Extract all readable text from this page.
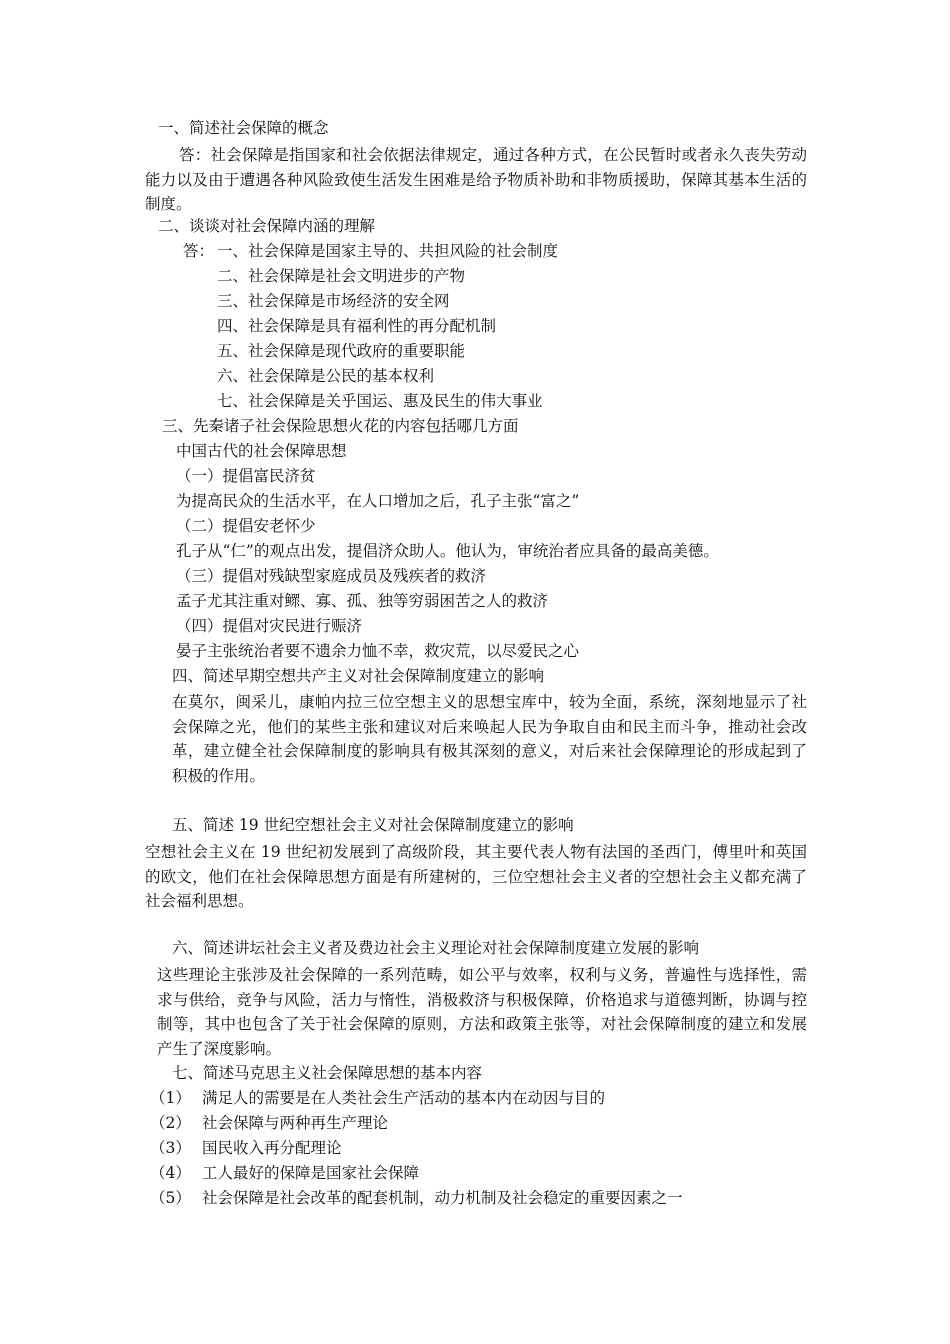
一、简述社会保障的概念
答：社会保障是指国家和社会依据法律规定，通过各种方式，在公民暂时或者永久丧失劳动能力以及由于遭遇各种风险致使生活发生困难是给予物质补助和非物质援助，保障其基本生活的制度。
二、谈谈对社会保障内涵的理解
答： 一、社会保障是国家主导的、共担风险的社会制度
二、社会保障是社会文明进步的产物
三、社会保障是市场经济的安全网
四、社会保障是具有福利性的再分配机制
五、社会保障是现代政府的重要职能
六、社会保障是公民的基本权利
七、社会保障是关乎国运、惠及民生的伟大事业
三、先秦诸子社会保险思想火花的内容包括哪几方面
中国古代的社会保障思想
（一）提倡富民济贫
为提高民众的生活水平，在人口增加之后，孔子主张“富之”
（二）提倡安老怀少
孔子从“仁”的观点出发，提倡济众助人。他认为，审统治者应具备的最高美德。
（三）提倡对残缺型家庭成员及残疾者的救济
孟子尤其注重对鳏、寡、孤、独等穷弱困苦之人的救济
（四）提倡对灾民进行赈济
晏子主张统治者要不遗余力恤不幸，救灾荒，以尽爱民之心
四、简述早期空想共产主义对社会保障制度建立的影响
在莫尔，闽采儿，康帕内拉三位空想主义的思想宝库中，较为全面，系统，深刻地显示了社会保障之光，他们的某些主张和建议对后来唤起人民为争取自由和民主而斗争，推动社会改革，建立健全社会保障制度的影响具有极其深刻的意义，对后来社会保障理论的形成起到了积极的作用。
五、简述 19 世纪空想社会主义对社会保障制度建立的影响
空想社会主义在 19 世纪初发展到了高级阶段，其主要代表人物有法国的圣西门，傅里叶和英国的欧文，他们在社会保障思想方面是有所建树的，三位空想社会主义者的空想社会主义都充满了社会福利思想。
六、简述讲坛社会主义者及费边社会主义理论对社会保障制度建立发展的影响
这些理论主张涉及社会保障的一系列范畴，如公平与效率，权利与义务，普遍性与选择性，需求与供给，竞争与风险，活力与惰性，消极救济与积极保障，价格追求与道德判断，协调与控制等，其中也包含了关于社会保障的原则，方法和政策主张等，对社会保障制度的建立和发展产生了深度影响。
七、简述马克思主义社会保障思想的基本内容
（1） 满足人的需要是在人类社会生产活动的基本内在动因与目的
（2） 社会保障与两种再生产理论
（3） 国民收入再分配理论
（4） 工人最好的保障是国家社会保障
（5） 社会保障是社会改革的配套机制，动力机制及社会稳定的重要因素之一
